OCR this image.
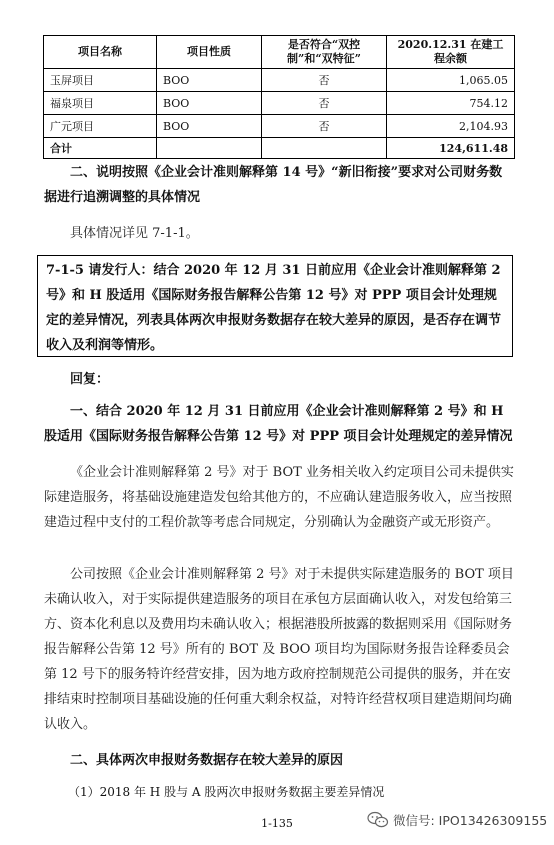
项目名称	项目性质	是否符合“双控制”和“双特征”	2020.12.31 在建工程余额
玉屏项目	BOO	否	1,065.05
福泉项目	BOO	否	754.12
广元项目	BOO	否	2,104.93
合计			124,611.48
二、说明按照《企业会计准则解释第 14 号》“新旧衔接”要求对公司财务数据进行追溯调整的具体情况
具体情况详见 7-1-1。
7-1-5 请发行人：结合 2020 年 12 月 31 日前应用《企业会计准则解释第 2 号》和 H 股适用《国际财务报告解释公告第 12 号》对 PPP 项目会计处理规定的差异情况，列表具体两次申报财务数据存在较大差异的原因，是否存在调节收入及利润等情形。
回复：
一、结合 2020 年 12 月 31 日前应用《企业会计准则解释第 2 号》和 H 股适用《国际财务报告解释公告第 12 号》对 PPP 项目会计处理规定的差异情况
《企业会计准则解释第 2 号》对于 BOT 业务相关收入约定项目公司未提供实际建造服务，将基础设施建造发包给其他方的，不应确认建造服务收入，应当按照建造过程中支付的工程价款等考虑合同规定，分别确认为金融资产或无形资产。
公司按照《企业会计准则解释第 2 号》对于未提供实际建造服务的 BOT 项目未确认收入，对于实际提供建造服务的项目在承包方层面确认收入，对发包给第三方、资本化利息以及费用均未确认收入；根据港股所披露的数据则采用《国际财务报告解释公告第 12 号》所有的 BOT 及 BOO 项目均为国际财务报告诠释委员会第 12 号下的服务特许经营安排，因为地方政府控制规范公司提供的服务，并在安排结束时控制项目基础设施的任何重大剩余权益，对特许经营权项目建造期间均确认收入。
二、具体两次申报财务数据存在较大差异的原因
（1）2018 年 H 股与 A 股两次申报财务数据主要差异情况
1-135	微信号: IPO13426309155
